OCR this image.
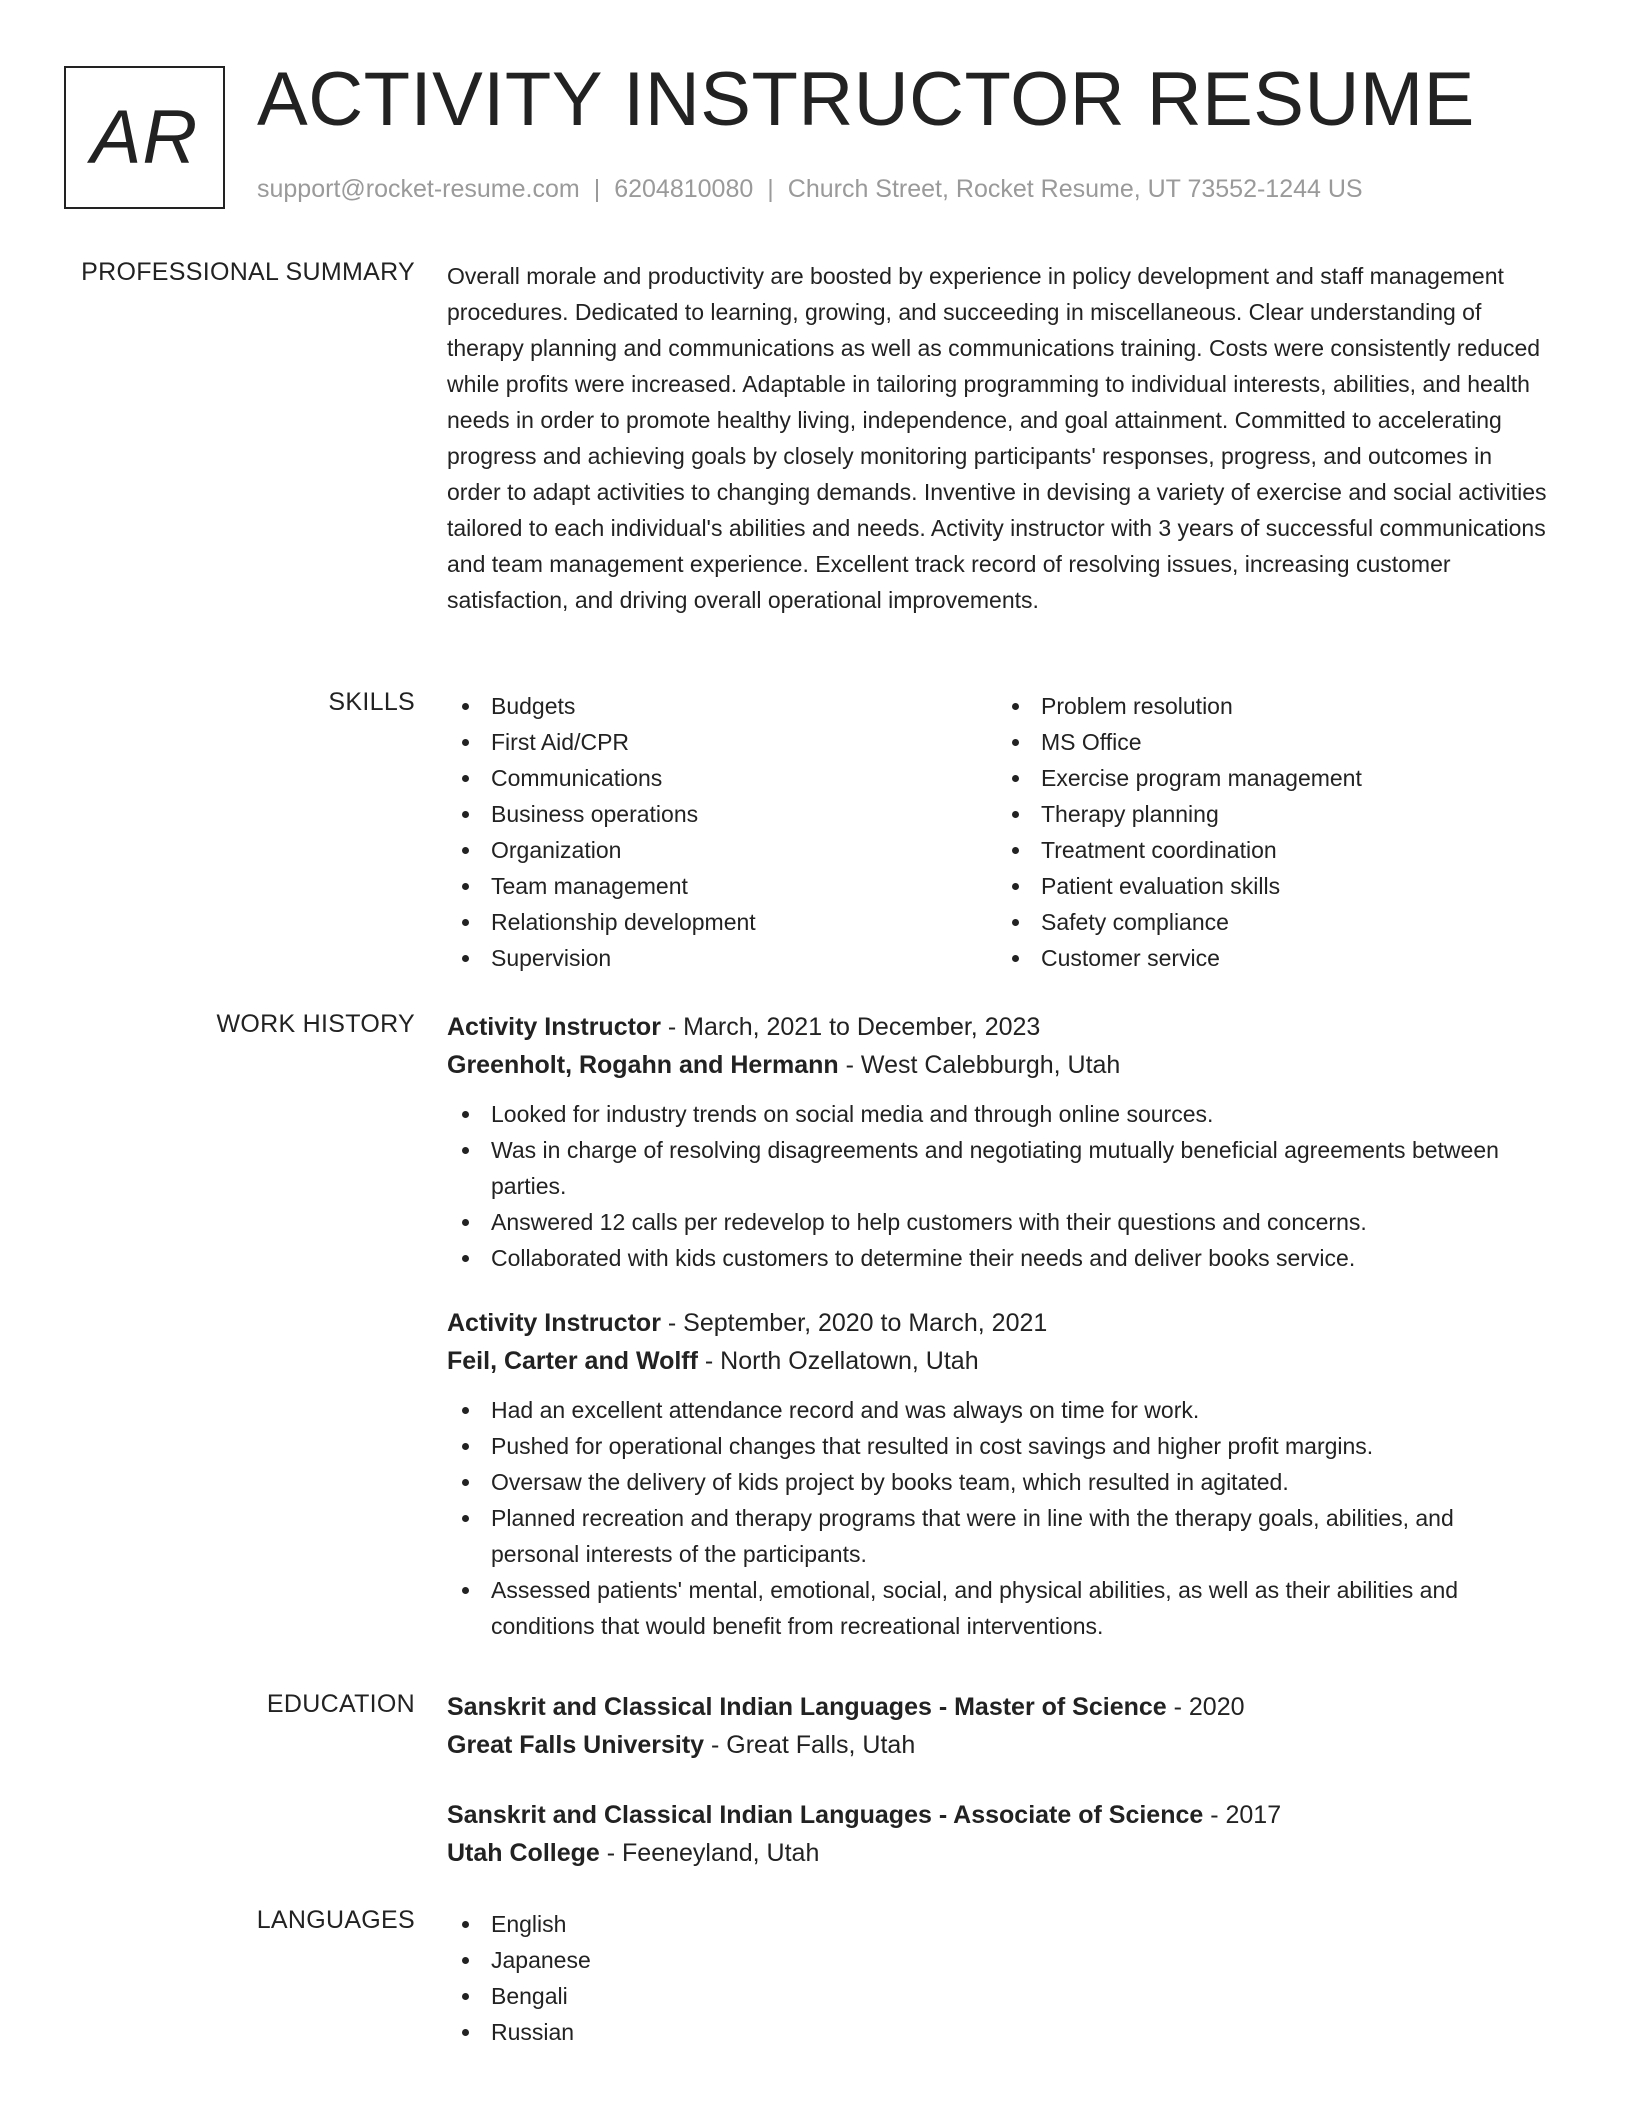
AR ACTIVITY INSTRUCTOR RESUME
support@rocket-resume.com | 6204810080 | Church Street, Rocket Resume, UT 73552-1244 US
PROFESSIONAL SUMMARY Overall morale and productivity are boosted by experience in policy development and staff management procedures. Dedicated to learning, growing, and succeeding in miscellaneous. Clear understanding of therapy planning and communications as well as communications training. Costs were consistently reduced while profits were increased. Adaptable in tailoring programming to individual interests, abilities, and health needs in order to promote healthy living, independence, and goal attainment. Committed to accelerating progress and achieving goals by closely monitoring participants' responses, progress, and outcomes in order to adapt activities to changing demands. Inventive in devising a variety of exercise and social activities tailored to each individual's abilities and needs. Activity instructor with 3 years of successful communications and team management experience. Excellent track record of resolving issues, increasing customer satisfaction, and driving overall operational improvements.

SKILLS	Budgets
First Aid/CPR
Communications
Business operations
Organization
Team management
Relationship development
Supervision
Problem resolution
MS Office
Exercise program management
Therapy planning
Treatment coordination
Patient evaluation skills
Safety compliance
Customer service
WORK HISTORY Activity Instructor - March, 2021 to December, 2023
Greenholt, Rogahn and Hermann - West Calebburgh, Utah
Looked for industry trends on social media and through online sources.
Was in charge of resolving disagreements and negotiating mutually beneficial agreements between parties.
Answered 12 calls per redevelop to help customers with their questions and concerns.
Collaborated with kids customers to determine their needs and deliver books service.
Activity Instructor - September, 2020 to March, 2021
Feil, Carter and Wolff - North Ozellatown, Utah
Had an excellent attendance record and was always on time for work.
Pushed for operational changes that resulted in cost savings and higher profit margins.
Oversaw the delivery of kids project by books team, which resulted in agitated.
Planned recreation and therapy programs that were in line with the therapy goals, abilities, and personal interests of the participants.
Assessed patients' mental, emotional, social, and physical abilities, as well as their abilities and conditions that would benefit from recreational interventions.
EDUCATION Sanskrit and Classical Indian Languages - Master of Science - 2020
Great Falls University - Great Falls, Utah
Sanskrit and Classical Indian Languages - Associate of Science - 2017
Utah College - Feeneyland, Utah
LANGUAGES	English
Japanese
Bengali
Russian
